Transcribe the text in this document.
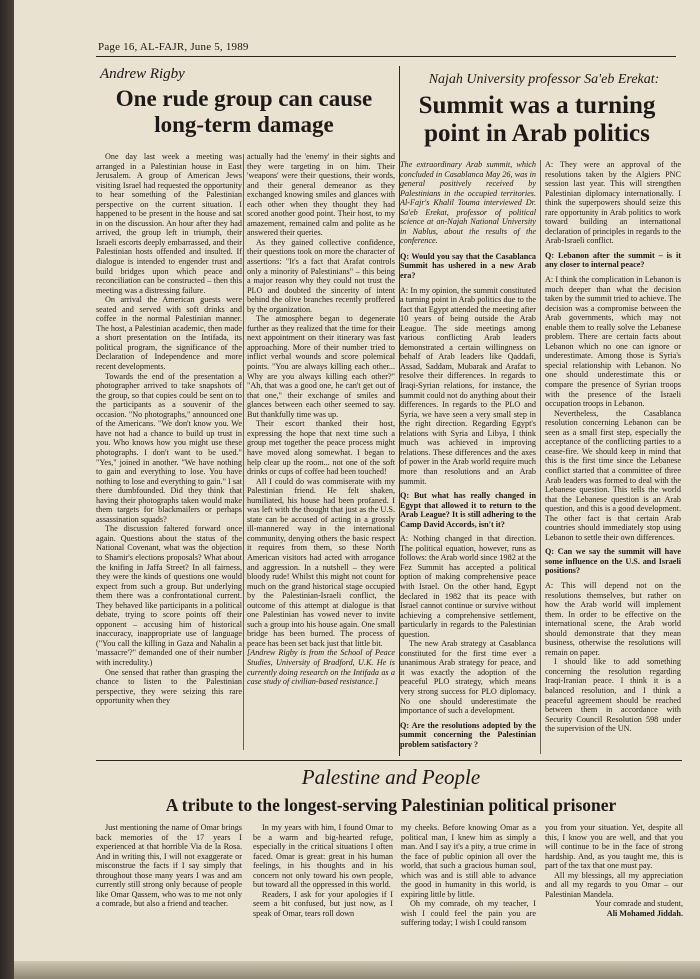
Page 16, AL-FAJR, June 5, 1989
Andrew Rigby
One rude group can cause long-term damage

One day last week a meeting was arranged in a Palestinian house in East Jerusalem. A group of American Jews visiting Israel had requested the opportunity to hear something of the Palestinian perspective on the current situation. I happened to be present in the house and sat in on the discussion. An hour after they had arrived, the group left in triumph, their Israeli escorts deeply embarrassed, and their Palestinian hosts offended and insulted. If dialogue is intended to engender trust and build bridges upon which peace and reconciliation can be constructed – then this meeting was a distressing failure.

On arrival the American guests were seated and served with soft drinks and coffee in the normal Palestinian manner. The host, a Palestinian academic, then made a short presentation on the Intifada, its political program, the significance of the Declaration of Independence and more recent developments.

Towards the end of the presentation a photographer arrived to take snapshots of the group, so that copies could be sent on to the participants as a souvenir of the occasion. "No photographs," announced one of the Americans. "We don't know you. We have not had a chance to build up trust in you. Who knows how you might use these photographs. I don't want to be used." "Yes," joined in another. "We have nothing to gain and everything to lose. You have nothing to lose and everything to gain." I sat there dumbfounded. Did they think that having their photographs taken would make them targets for blackmailers or perhaps assassination squads?

The discussion faltered forward once again. Questions about the status of the National Covenant, what was the objection to Shamir's elections proposals? What about the knifing in Jaffa Street? In all fairness, they were the kinds of questions one would expect from such a group. But underlying them there was a confrontational current. They behaved like participants in a political debate, trying to score points off their opponent – accusing him of historical inaccuracy, inappropriate use of language ("You call the killing in Gaza and Nahalin a 'massacre'?" demanded one of their number with incredulity.)

One sensed that rather than grasping the chance to listen to the Palestinian perspective, they were seizing this rare opportunity when they

actually had the 'enemy' in their sights and they were targeting in on him. Their 'weapons' were their questions, their words, and their general demeanor as they exchanged knowing smiles and glances with each other when they thought they had scored another good point. Their host, to my amazement, remained calm and polite as he answered their queries.

As they gained collective confidence, their questions took on more the character of assertions: "It's a fact that Arafat controls only a minority of Palestinians" – this being a major reason why they could not trust the PLO and doubted the sincerity of intent behind the olive branches recently proffered by the organization.

The atmosphere began to degenerate further as they realized that the time for their next appointment on their itinerary was fast approaching. More of their number tried to inflict verbal wounds and score polemical points. "You are always killing each other... Why are you always killing each other?" "Ah, that was a good one, he can't get out of that one," their exchange of smiles and glances between each other seemed to say. But thankfully time was up.

Their escort thanked their host, expressing the hope that next time such a group met together the peace process might have moved along somewhat. I began to help clear up the room... not one of the soft drinks or cups of coffee had been touched!

All I could do was commiserate with my Palestinian friend. He felt shaken, humiliated, his house had been profaned. I was left with the thought that just as the U.S. state can be accused of acting in a grossly ill-mannered way in the international community, denying others the basic respect it requires from them, so these North American visitors had acted with arrogance and aggression. In a nutshell – they were bloody rude! Whilst this might not count for much on the grand historical stage occupied by the Palestinian-Israeli conflict, the outcome of this attempt at dialogue is that one Palestinian has vowed never to invite such a group into his house again. One small bridge has been burned. The process of peace has been set back just that little bit.

[Andrew Rigby is from the School of Peace Studies, University of Bradford, U.K. He is currently doing research on the Intifada as a case study of civilian-based resistance.]

Najah University professor Sa'eb Erekat:
Summit was a turning point in Arab politics

The extraordinary Arab summit, which concluded in Casablanca May 26, was in general positively received by Palestinians in the occupied territories. Al-Fajr's Khalil Touma interviewed Dr. Sa'eb Erekat, professor of political science at an-Najah National University in Nablus, about the results of the conference.

Q: Would you say that the Casablanca Summit has ushered in a new Arab era?

A: In my opinion, the summit constituted a turning point in Arab politics due to the fact that Egypt attended the meeting after 10 years of being outside the Arab League. The side meetings among various conflicting Arab leaders demonstrated a certain willingness on behalf of Arab leaders like Qaddafi, Assad, Saddam, Mubarak and Arafat to resolve their differences. In regards to Iraqi-Syrian relations, for instance, the summit could not do anything about their differences. In regards to the PLO and Syria, we have seen a very small step in the right direction. Regarding Egypt's relations with Syria and Libya, I think much was achieved in improving relations. These differences and the axes of power in the Arab world require much more than resolutions and an Arab summit.

Q: But what has really changed in Egypt that allowed it to return to the Arab League? It is still adhering to the Camp David Accords, isn't it?

A: Nothing changed in that direction. The political equation, however, runs as follows: the Arab world since 1982 at the Fez Summit has accepted a political option of making comprehensive peace with Israel. On the other hand, Egypt declared in 1982 that its peace with Israel cannot continue or survive without achieving a comprehensive settlement, particularly in regards to the Palestinian question.

The new Arab strategy at Casablanca constituted for the first time ever a unanimous Arab strategy for peace, and it was exactly the adoption of the peaceful PLO strategy, which means very strong success for PLO diplomacy. No one should underestimate the importance of such a development.

Q: Are the resolutions adopted by the summit concerning the Palestinian problem satisfactory ?

A: They were an approval of the resolutions taken by the Algiers PNC session last year. This will strengthen Palestinian diplomacy internationally. I think the superpowers should seize this rare opportunity in Arab politics to work toward building an international declaration of principles in regards to the Arab-Israeli conflict.

Q: Lebanon after the summit – is it any closer to internal peace?

A: I think the complication in Lebanon is much deeper than what the decision taken by the summit tried to achieve. The decision was a compromise between the Arab governments, which may not enable them to really solve the Lebanese problem. There are certain facts about Lebanon which no one can ignore or underestimate. Among those is Syria's special relationship with Lebanon. No one should underestimate this or compare the presence of Syrian troops with the presence of the Israeli occupation troops in Lebanon.

Nevertheless, the Casablanca resolution concerning Lebanon can be seen as a small first step, especially the acceptance of the conflicting parties to a cease-fire. We should keep in mind that this is the first time since the Lebanese conflict started that a committee of three Arab leaders was formed to deal with the Lebanese question. This tells the world that the Lebanese question is an Arab question, and this is a good development. The other fact is that certain Arab countries should immediately stop using Lebanon to settle their own differences.

Q: Can we say the summit will have some influence on the U.S. and Israeli positions?

A: This will depend not on the resolutions themselves, but rather on how the Arab world will implement them. In order to be effective on the international scene, the Arab world should demonstrate that they mean business, otherwise the resolutions will remain on paper.

I should like to add something concerning the resolution regarding Iraqi-Iranian peace. I think it is a balanced resolution, and I think a peaceful agreement should be reached between them in accordance with Security Council Resolution 598 under the supervision of the UN.

Palestine and People
A tribute to the longest-serving Palestinian political prisoner

Just mentioning the name of Omar brings back memories of the 17 years I experienced at that horrible Via de la Rosa. And in writing this, I will not exaggerate or misconstrue the facts if I say simply that throughout those many years I was and am currently still strong only because of people like Omar Qassem, who was to me not only a comrade, but also a friend and teacher.

In my years with him, I found Omar to be a warm and big-hearted refuge, especially in the critical situations I often faced. Omar is great: great in his human feelings, in his thoughts and in his concern not only toward his own people, but toward all the oppressed in this world.

Readers, I ask for your apologies if I seem a bit confused, but just now, as I speak of Omar, tears roll down

my cheeks. Before knowing Omar as a political man, I knew him as simply a man. And I say it's a pity, a true crime in the face of public opinion all over the world, that such a gracious human soul, which was and is still able to advance the good in humanity in this world, is expiring little by little.

Oh my comrade, oh my teacher, I wish I could feel the pain you are suffering today; I wish I could ransom

you from your situation. Yet, despite all this, I know you are well, and that you will continue to be in the face of strong hardship. And, as you taught me, this is part of the tax that one must pay.

All my blessings, all my appreciation and all my regards to you Omar – our Palestinian Mandela.

Your comrade and student,

Ali Mohamed Jiddah.
